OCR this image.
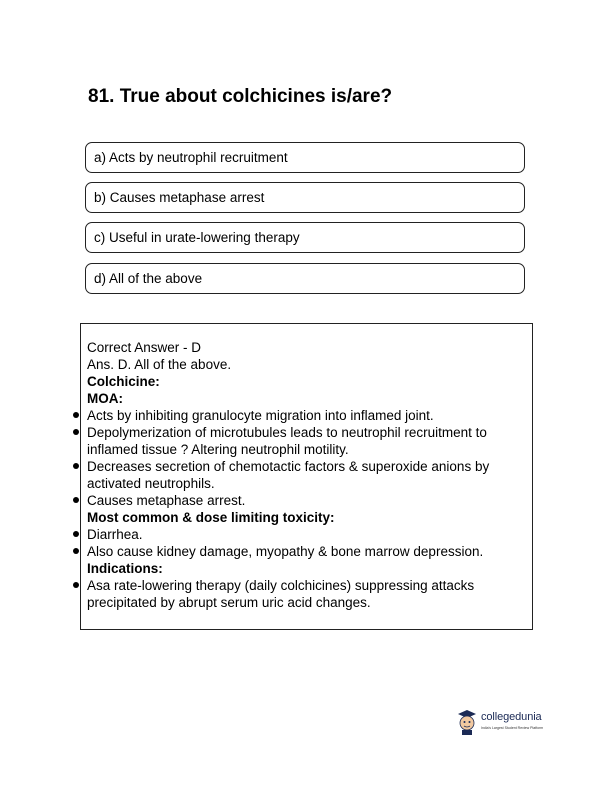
81. True about colchicines is/are?
a) Acts by neutrophil recruitment
b) Causes metaphase arrest
c) Useful in urate-lowering therapy
d) All of the above

Correct Answer - D

Ans. D. All of the above.

Colchicine:

MOA:

Acts by inhibiting granulocyte migration into inflamed joint.
Depolymerization of microtubules leads to neutrophil recruitment to inflamed tissue ? Altering neutrophil motility.
Decreases secretion of chemotactic factors & superoxide anions by activated neutrophils.
Causes metaphase arrest.

Most common & dose limiting toxicity:

Diarrhea.
Also cause kidney damage, myopathy & bone marrow depression.

Indications:

Asa rate-lowering therapy (daily colchicines) suppressing attacks precipitated by abrupt serum uric acid changes.
collegedunia
India's Largest Student Review Platform
